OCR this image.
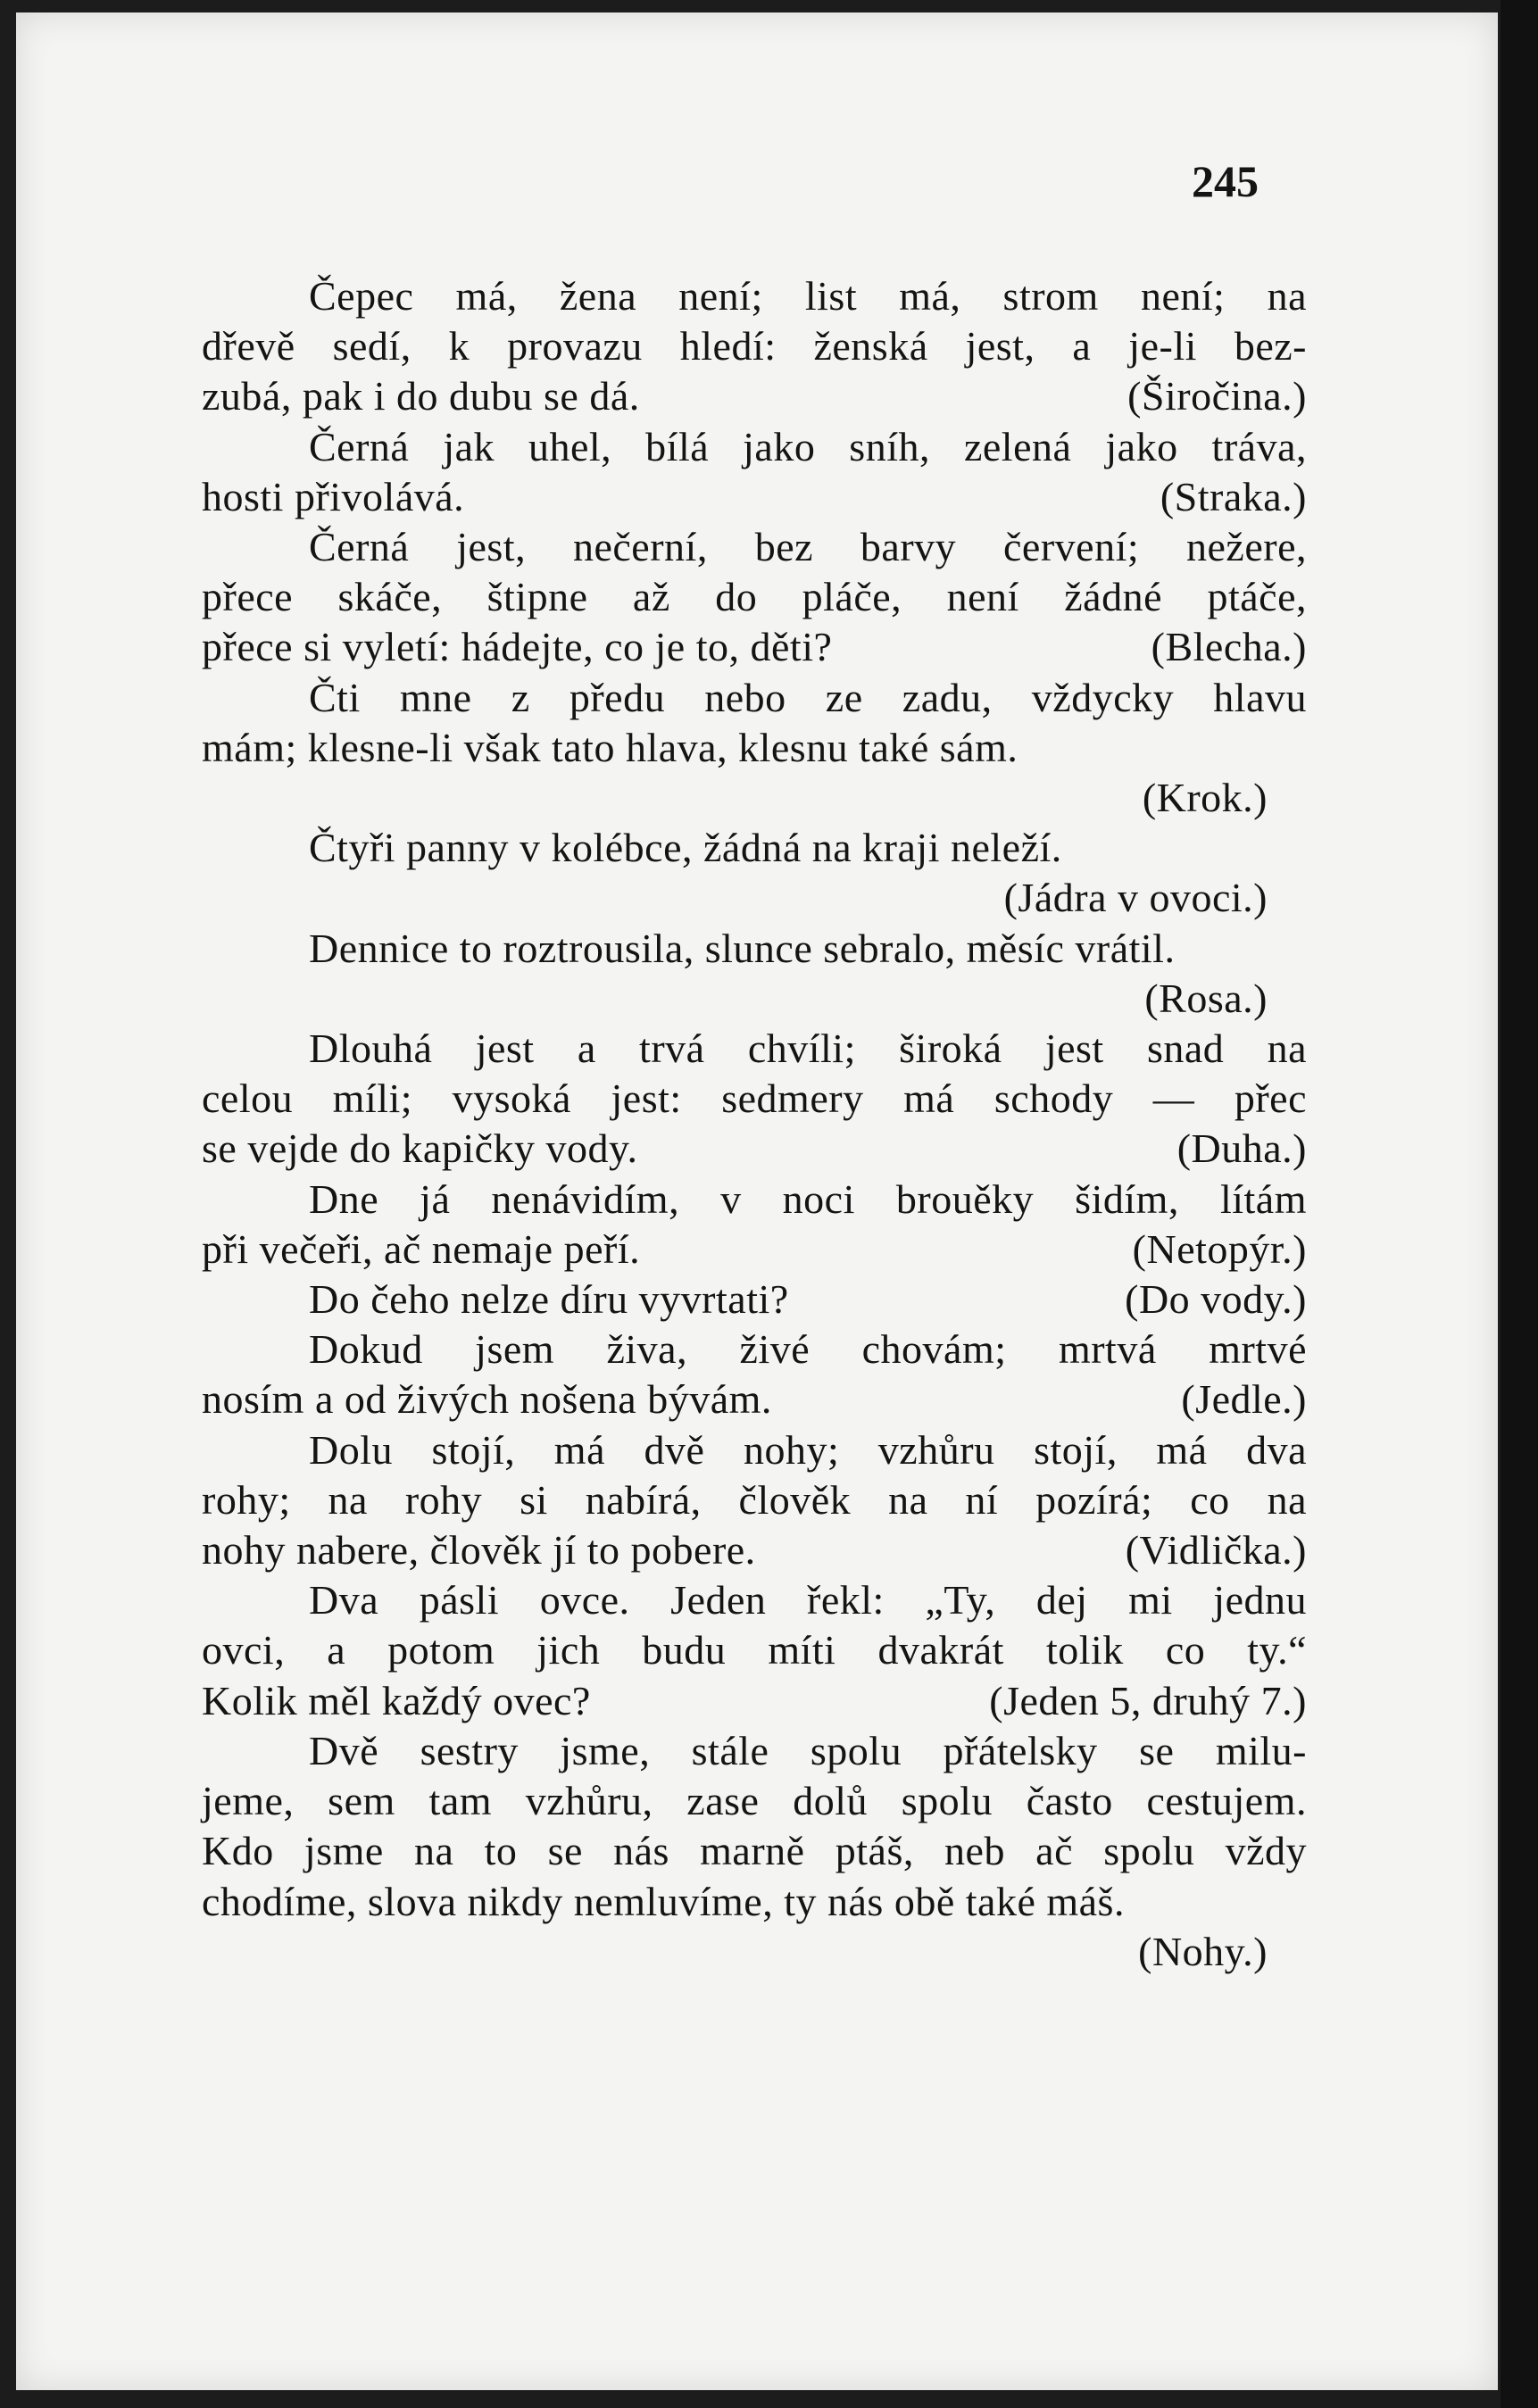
245
Čepec má, žena není; list má, strom není; na
dřevě sedí, k provazu hledí: ženská jest, a je-li bez-
(Širočina.)
zubá, pak i do dubu se dá.
Černá jak uhel, bílá jako sníh, zelená jako tráva,
(Straka.)
hosti přivolává.
Černá jest, nečerní, bez barvy červení; nežere,
přece skáče, štipne až do pláče, není žádné ptáče,
(Blecha.)
přece si vyletí: hádejte, co je to, děti?
Čti mne z předu nebo ze zadu, vždycky hlavu
mám; klesne-li však tato hlava, klesnu také sám.
(Krok.)
Čtyři panny v kolébce, žádná na kraji neleží.
(Jádra v ovoci.)
Dennice to roztrousila, slunce sebralo, měsíc vrátil.
(Rosa.)
Dlouhá jest a trvá chvíli; široká jest snad na
celou míli; vysoká jest: sedmery má schody — přec
(Duha.)
se vejde do kapičky vody.
Dne já nenávidím, v noci brouěky šidím, lítám
(Netopýr.)
při večeři, ač nemaje peří.
(Do vody.)
Do čeho nelze díru vyvrtati?
Dokud jsem živa, živé chovám; mrtvá mrtvé
(Jedle.)
nosím a od živých nošena bývám.
Dolu stojí, má dvě nohy; vzhůru stojí, má dva
rohy; na rohy si nabírá, člověk na ní pozírá; co na
(Vidlička.)
nohy nabere, člověk jí to pobere.
Dva pásli ovce. Jeden řekl: „Ty, dej mi jednu
ovci, a potom jich budu míti dvakrát tolik co ty.“
(Jeden 5, druhý 7.)
Kolik měl každý ovec?
Dvě sestry jsme, stále spolu přátelsky se milu-
jeme, sem tam vzhůru, zase dolů spolu často cestujem.
Kdo jsme na to se nás marně ptáš, neb ač spolu vždy
chodíme, slova nikdy nemluvíme, ty nás obě také máš.
(Nohy.)
